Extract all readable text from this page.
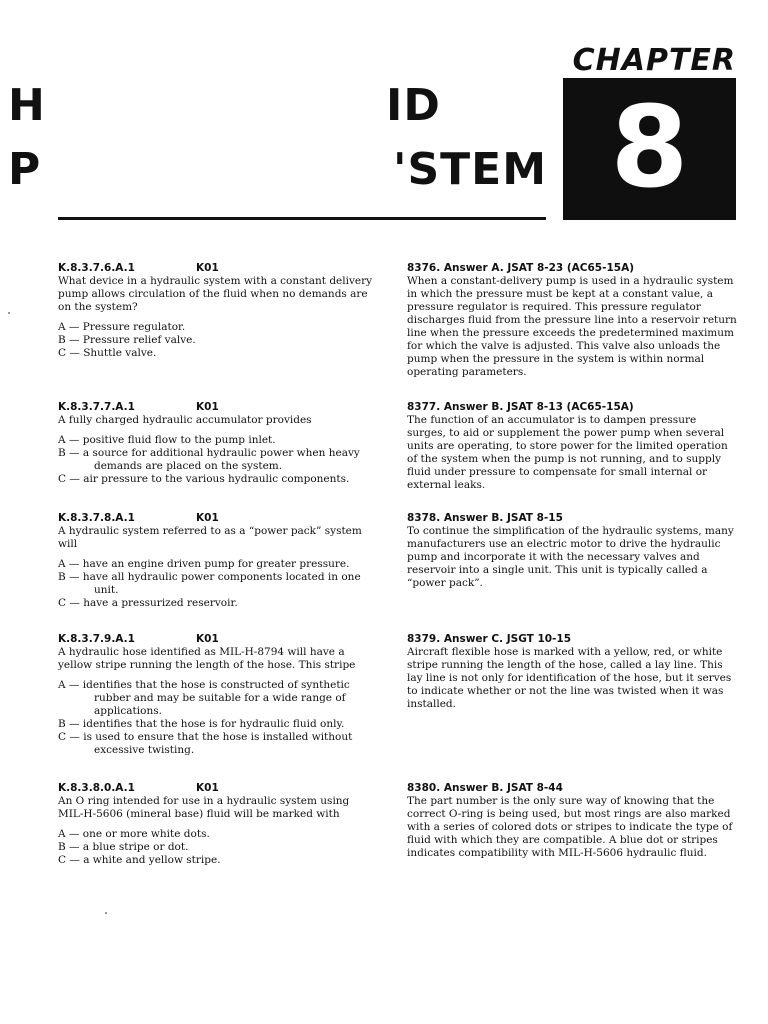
H	ID
P	'STEM
CHAPTER
8
K.8.3.7.6.A.1	K01

What device in a hydraulic system with a constant delivery pump allows circulation of the fluid when no demands are on the system?

A — Pressure regulator.

B — Pressure relief valve.

C — Shuttle valve.

K.8.3.7.7.A.1	K01

A fully charged hydraulic accumulator provides

A — positive fluid flow to the pump inlet.

B — a source for additional hydraulic power when heavy demands are placed on the system.

C — air pressure to the various hydraulic components.

K.8.3.7.8.A.1	K01

A hydraulic system referred to as a “power pack” system will

A — have an engine driven pump for greater pressure.

B — have all hydraulic power components located in one unit.

C — have a pressurized reservoir.

K.8.3.7.9.A.1	K01

A hydraulic hose identified as MIL-H-8794 will have a yellow stripe running the length of the hose. This stripe

A — identifies that the hose is constructed of synthetic rubber and may be suitable for a wide range of applications.

B — identifies that the hose is for hydraulic fluid only.

C — is used to ensure that the hose is installed without excessive twisting.

K.8.3.8.0.A.1	K01

An O ring intended for use in a hydraulic system using MIL-H-5606 (mineral base) fluid will be marked with

A — one or more white dots.

B — a blue stripe or dot.

C — a white and yellow stripe.

8376. Answer A. JSAT 8-23 (AC65-15A)

When a constant-delivery pump is used in a hydraulic system in which the pressure must be kept at a constant value, a pressure regulator is required. This pressure regulator discharges fluid from the pressure line into a reservoir return line when the pressure exceeds the predetermined maximum for which the valve is adjusted. This valve also unloads the pump when the pressure in the system is within normal operating parameters.

8377. Answer B. JSAT 8-13 (AC65-15A)

The function of an accumulator is to dampen pressure surges, to aid or supplement the power pump when several units are operating, to store power for the limited operation of the system when the pump is not running, and to supply fluid under pressure to compensate for small internal or external leaks.

8378. Answer B. JSAT 8-15

To continue the simplification of the hydraulic systems, many manufacturers use an electric motor to drive the hydraulic pump and incorporate it with the necessary valves and reservoir into a single unit. This unit is typically called a “power pack”.

8379. Answer C. JSGT 10-15

Aircraft flexible hose is marked with a yellow, red, or white stripe running the length of the hose, called a lay line. This lay line is not only for identification of the hose, but it serves to indicate whether or not the line was twisted when it was installed.

8380. Answer B. JSAT 8-44

The part number is the only sure way of knowing that the correct O-ring is being used, but most rings are also marked with a series of colored dots or stripes to indicate the type of fluid with which they are compatible. A blue dot or stripes indicates compatibility with MIL-H-5606 hydraulic fluid.
